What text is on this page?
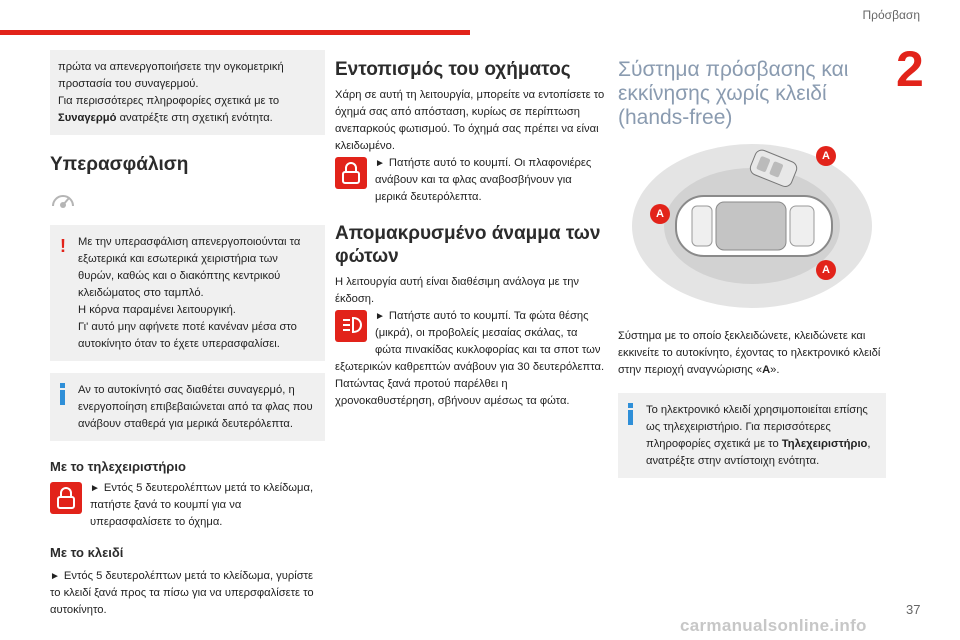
Πρόσβαση
2
37
carmanualsonline.info

πρώτα να απενεργοποιήσετε την ογκομετρική προστασία του συναγερμού.

Για περισσότερες πληροφορίες σχετικά με το Συναγερμό ανατρέξτε στη σχετική ενότητα.

Υπερασφάλιση
! Με την υπερασφάλιση απενεργοποιούνται τα εξωτερικά και εσωτερικά χειριστήρια των θυρών, καθώς και ο διακόπτης κεντρικού κλειδώματος στο ταμπλό.
Η κόρνα παραμένει λειτουργική.
Γι' αυτό μην αφήνετε ποτέ κανέναν μέσα στο αυτοκίνητο όταν το έχετε υπερασφαλίσει.

Αν το αυτοκίνητό σας διαθέτει συναγερμό, η ενεργοποίηση επιβεβαιώνεται από τα φλας που ανάβουν σταθερά για μερικά δευτερόλεπτα.

Με το τηλεχειριστήριο

► Εντός 5 δευτερολέπτων μετά το κλείδωμα, πατήστε ξανά το κουμπί για να υπερασφαλίσετε το όχημα.

Με το κλειδί

► Εντός 5 δευτερολέπτων μετά το κλείδωμα, γυρίστε το κλειδί ξανά προς τα πίσω για να υπερσφαλίσετε το αυτοκίνητο.

Εντοπισμός του οχήματος

Χάρη σε αυτή τη λειτουργία, μπορείτε να εντοπίσετε το όχημά σας από απόσταση, κυρίως σε περίπτωση ανεπαρκούς φωτισμού. Το όχημά σας πρέπει να είναι κλειδωμένο.

► Πατήστε αυτό το κουμπί. Οι πλαφονιέρες ανάβουν και τα φλας αναβοσβήνουν για μερικά δευτερόλεπτα.

Απομακρυσμένο άναμμα των φώτων

Η λειτουργία αυτή είναι διαθέσιμη ανάλογα με την έκδοση.

► Πατήστε αυτό το κουμπί. Τα φώτα θέσης (μικρά), οι προβολείς μεσαίας σκάλας, τα φώτα πινακίδας κυκλοφορίας και τα σποτ των εξωτερικών καθρεπτών ανάβουν για 30 δευτερόλεπτα.

Πατώντας ξανά προτού παρέλθει η χρονοκαθυστέρηση, σβήνουν αμέσως τα φώτα.

Σύστημα πρόσβασης και εκκίνησης χωρίς κλειδί (hands-free)
A
A
A

Σύστημα με το οποίο ξεκλειδώνετε, κλειδώνετε και εκκινείτε το αυτοκίνητο, έχοντας το ηλεκτρονικό κλειδί στην περιοχή αναγνώρισης «A».

Το ηλεκτρονικό κλειδί χρησιμοποιείται επίσης ως τηλεχειριστήριο. Για περισσότερες πληροφορίες σχετικά με το Τηλεχειριστήριο, ανατρέξτε στην αντίστοιχη ενότητα.
